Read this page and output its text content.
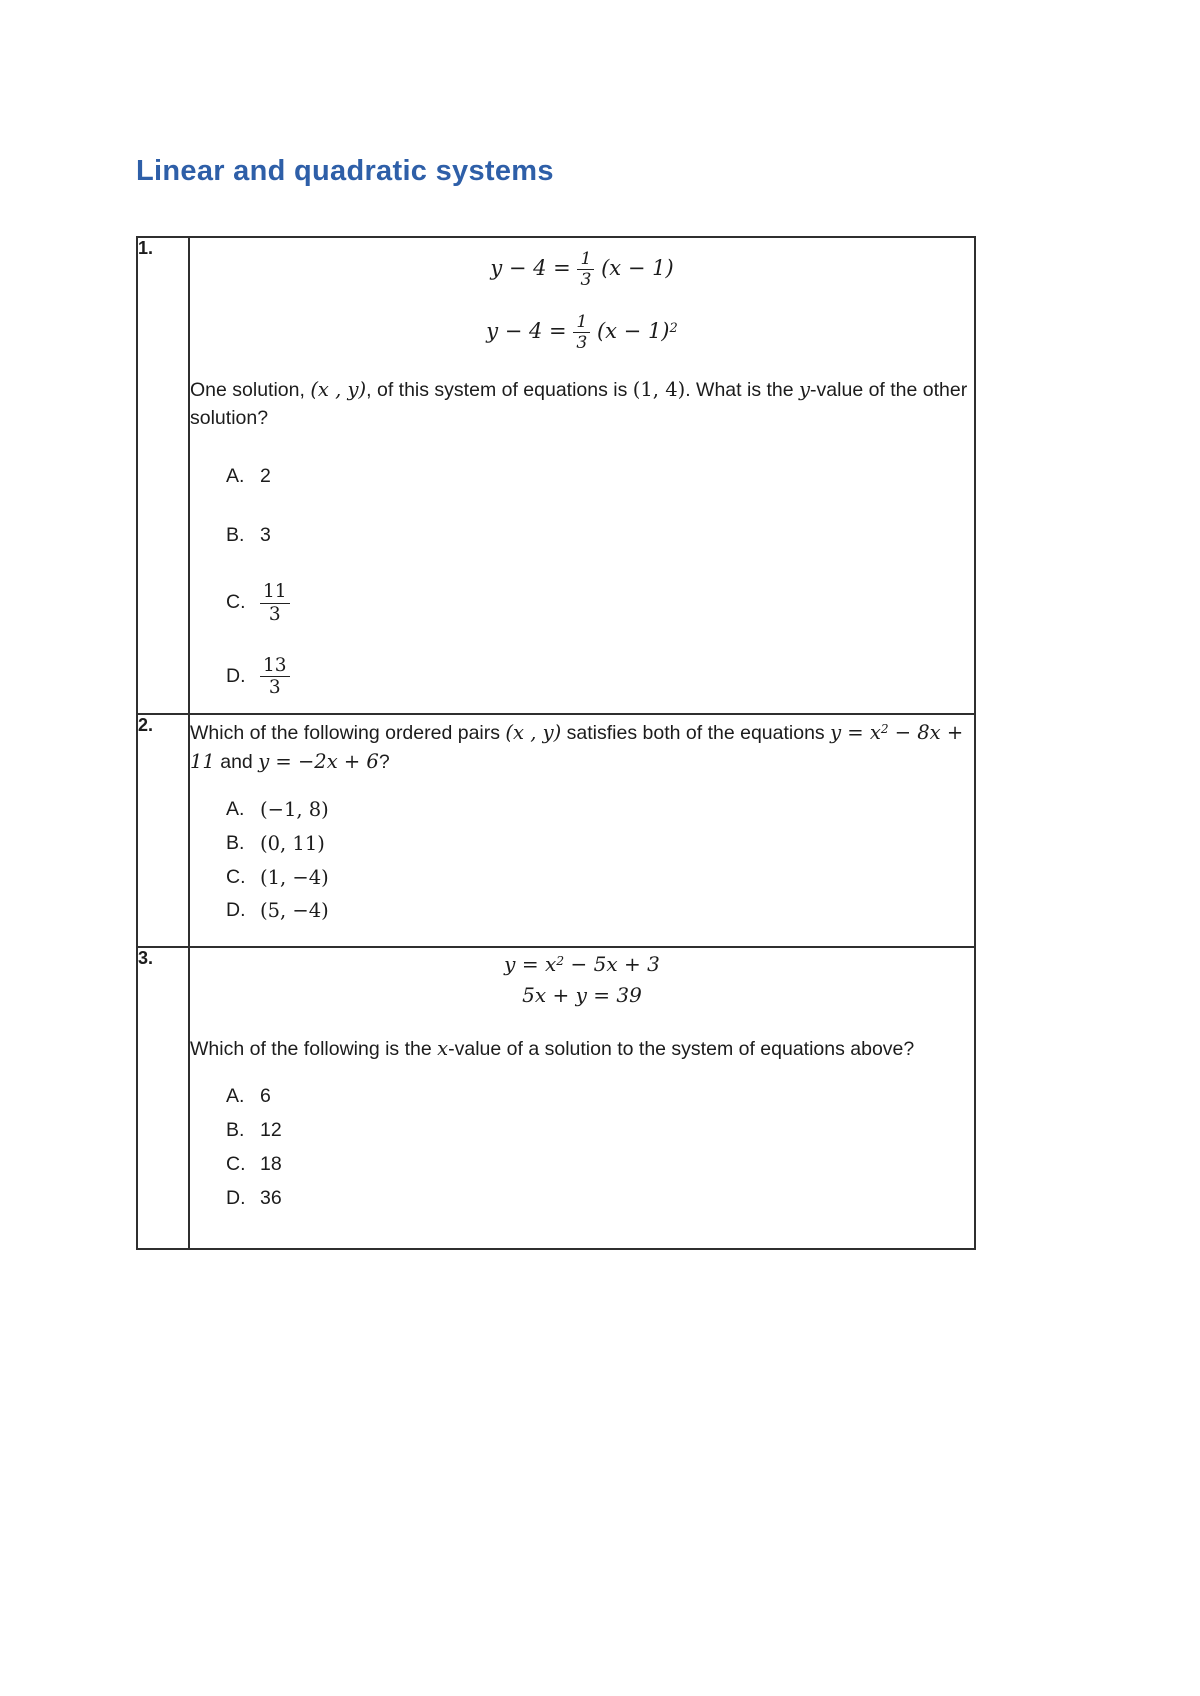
Linear and quadratic systems
1.	
$y - 4 = \frac{1}{3} (x - 1)$
$y - 4 = \frac{1}{3} (x - 1)^2$

One solution, (x , y), of this system of equations is (1, 4). What is the y-value of the other solution?

A. 2
B. 3
C. $\frac{11}{3}$
D. $\frac{13}{3}$

2.	Which of the following ordered pairs (x , y) satisfies both of the equations $y = x^2 - 8x + 11$ and y = −2x + 6?

A. (−1, 8)
B. (0, 11)
C. (1, −4)
D. (5, −4)

3.	$y = x^2 - 5x + 3$
5x + y = 39

Which of the following is the x-value of a solution to the system of equations above?

A. 6
B. 12
C. 18
D. 36
